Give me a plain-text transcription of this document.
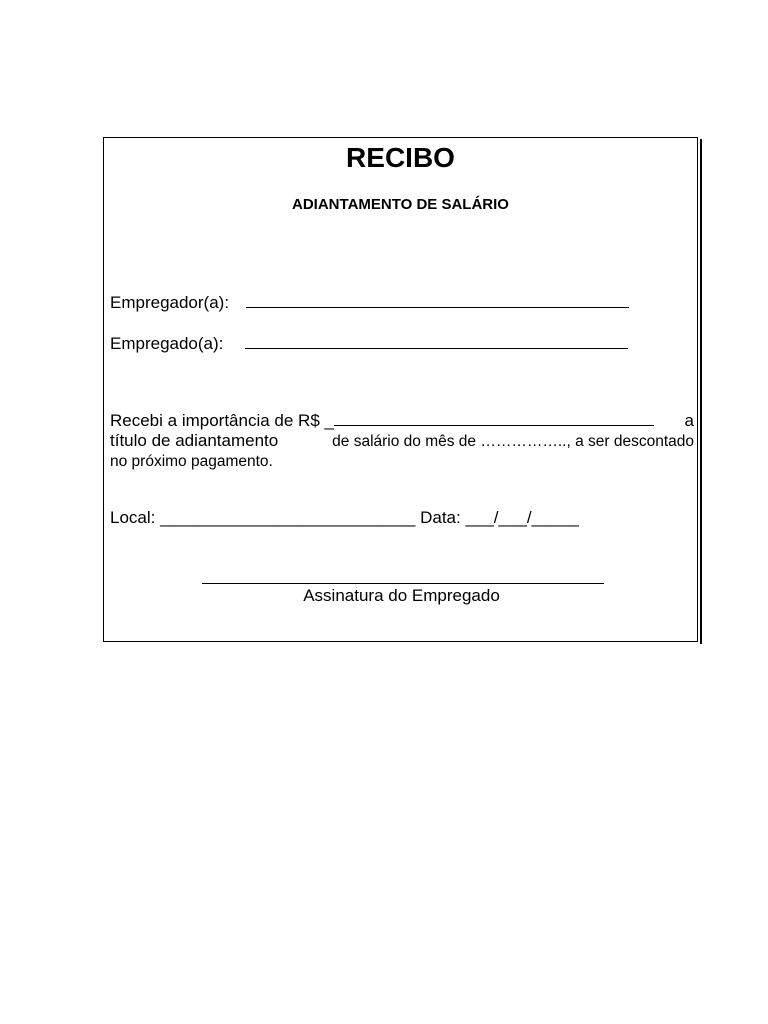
RECIBO
ADIANTAMENTO DE SALÁRIO
Empregador(a):
Empregado(a):
Recebi a importância de R$ _	a
título de adiantamento	de salário do mês de …………….., a ser descontado
no próximo pagamento.
Local: ___________________________ Data: ___/___/_____
Assinatura do Empregado
